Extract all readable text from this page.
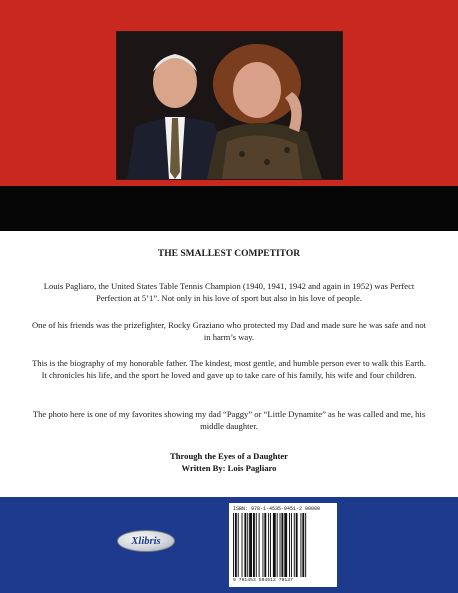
THE SMALLEST COMPETITOR
Louis Pagliaro, the United States Table Tennis Champion (1940, 1941, 1942 and again in 1952) was Perfect Perfection at 5’1”. Not only in his love of sport but also in his love of people.
One of his friends was the prizefighter, Rocky Graziano who protected my Dad and made sure he was safe and not in harm’s way.
This is the biography of my honorable father. The kindest, most gentle, and humble person ever to walk this Earth. It chronicles his life, and the sport he loved and gave up to take care of his family, his wife and four children.
The photo here is one of my favorites showing my dad “Paggy” or “Little Dynamite” as he was called and me, his middle daughter.
Through the Eyes of a Daughter
Written By: Lois Pagliaro
Xlibris
ISBN: 978-1-4535-0451-2 90000
9 781453 504512 70137
